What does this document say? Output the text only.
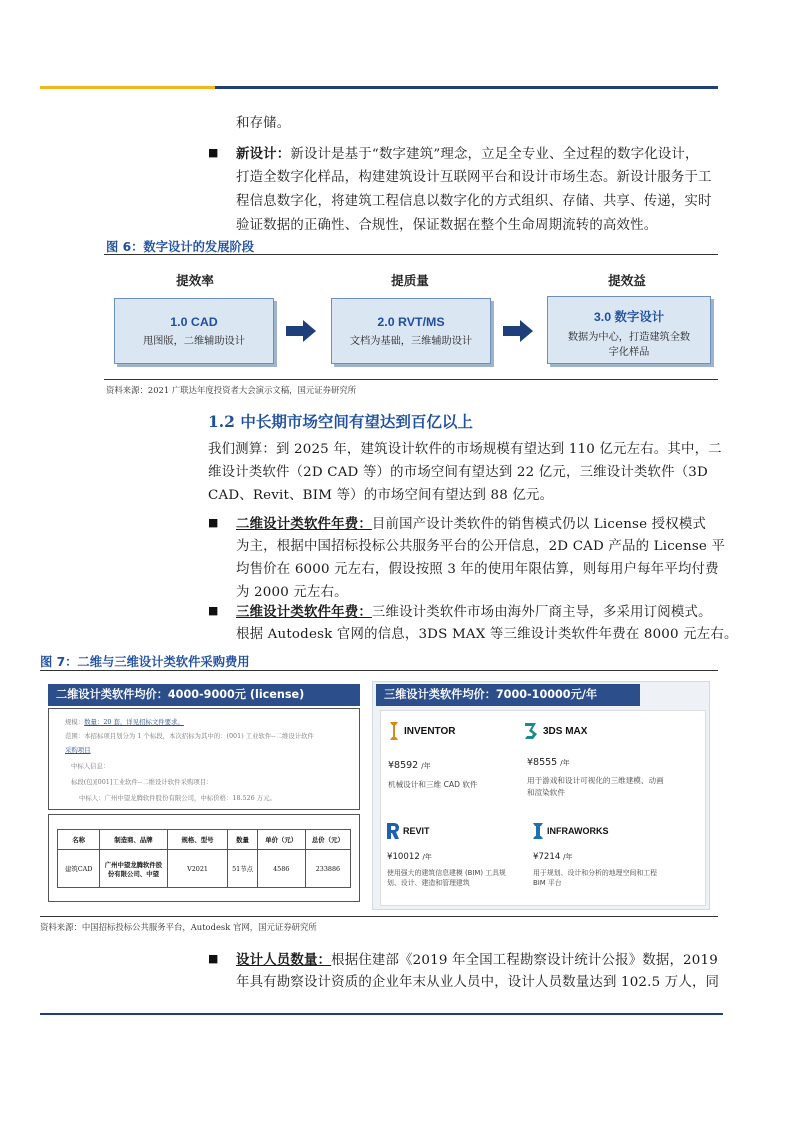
和存储。
■ 新设计：新设计是基于“数字建筑”理念，立足全专业、全过程的数字化设计，
打造全数字化样品，构建建筑设计互联网平台和设计市场生态。新设计服务于工
程信息数字化，将建筑工程信息以数字化的方式组织、存储、共享、传递，实时
验证数据的正确性、合规性，保证数据在整个生命周期流转的高效性。
图 6：数字设计的发展阶段
提效率	提质量	提效益
1.0 CAD
甩图版，二维辅助设计
2.0 RVT/MS
文档为基础，三维辅助设计
3.0 数字设计
数据为中心，打造建筑全数
字化样品
资料来源：2021 广联达年度投资者大会演示文稿，国元证券研究所
1.2 中长期市场空间有望达到百亿以上
我们测算：到 2025 年，建筑设计软件的市场规模有望达到 110 亿元左右。其中，二
维设计类软件（2D CAD 等）的市场空间有望达到 22 亿元，三维设计类软件（3D
CAD、Revit、BIM 等）的市场空间有望达到 88 亿元。
■ 二维设计类软件年费：目前国产设计类软件的销售模式仍以 License 授权模式
为主，根据中国招标投标公共服务平台的公开信息，2D CAD 产品的 License 平
均售价在 6000 元左右，假设按照 3 年的使用年限估算，则每用户每年平均付费
为 2000 元左右。
■ 三维设计类软件年费：三维设计类软件市场由海外厂商主导，多采用订阅模式。
根据 Autodesk 官网的信息，3DS MAX 等三维设计类软件年费在 8000 元左右。
图 7：二维与三维设计类软件采购费用
二维设计类软件均价：4000-9000元 (license)
规模：数量：20 套，详见招标文件要求。
范围：本招标项目划分为 1 个标段，本次招标为其中的：(001) 工业软件--二维设计软件
采购项目
中标人信息：
标段(包)[001]工业软件--二维设计软件采购项目：
中标人：广州中望龙腾软件股份有限公司，中标价格：18.526 万元。
名称	制造商、品牌	规格、型号	数量	单价（元）	总价（元）
建筑CAD	广州中望龙腾软件股份有限公司、中望	V2021	51节点	4586	233886
三维设计类软件均价：7000-10000元/年
INVENTOR
¥8592 /年
机械设计和三维 CAD 软件
3DS MAX
¥8555 /年
用于游戏和设计可视化的三维建模、动画
和渲染软件
REVIT
¥10012 /年
使用强大的建筑信息建模 (BIM) 工具规
划、设计、建造和管理建筑
INFRAWORKS
¥7214 /年
用于规划、设计和分析的地理空间和工程
BIM 平台
资料来源：中国招标投标公共服务平台，Autodesk 官网，国元证券研究所
■ 设计人员数量：根据住建部《2019 年全国工程勘察设计统计公报》数据，2019
年具有勘察设计资质的企业年末从业人员中，设计人员数量达到 102.5 万人，同
